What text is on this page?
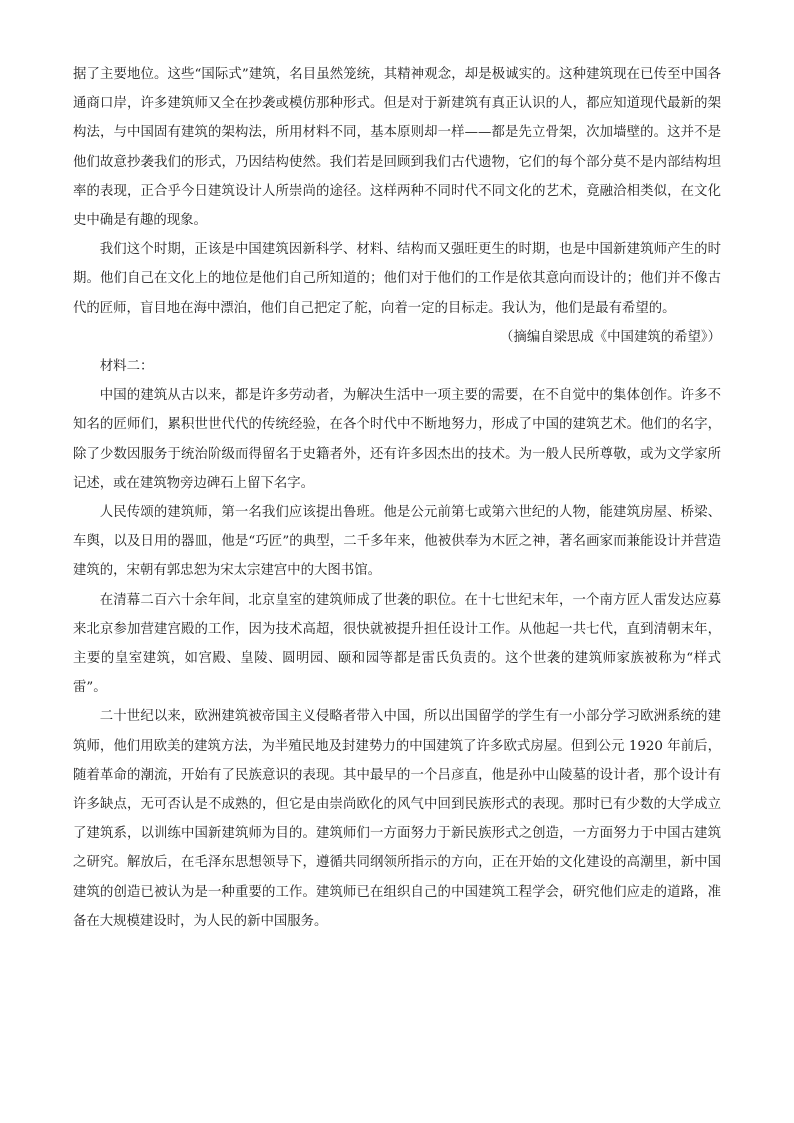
据了主要地位。这些“国际式”建筑，名目虽然笼统，其精神观念，却是极诚实的。这种建筑现在已传至中国各通商口岸，许多建筑师又全在抄袭或模仿那种形式。但是对于新建筑有真正认识的人，都应知道现代最新的架构法，与中国固有建筑的架构法，所用材料不同，基本原则却一样——都是先立骨架，次加墙壁的。这并不是他们故意抄袭我们的形式，乃因结构使然。我们若是回顾到我们古代遗物，它们的每个部分莫不是内部结构坦率的表现，正合乎今日建筑设计人所崇尚的途径。这样两种不同时代不同文化的艺术，竟融洽相类似，在文化史中确是有趣的现象。

我们这个时期，正该是中国建筑因新科学、材料、结构而又强旺更生的时期，也是中国新建筑师产生的时期。他们自己在文化上的地位是他们自己所知道的；他们对于他们的工作是依其意向而设计的；他们并不像古代的匠师，盲目地在海中漂泊，他们自己把定了舵，向着一定的目标走。我认为，他们是最有希望的。

（摘编自梁思成《中国建筑的希望》）

材料二：

中国的建筑从古以来，都是许多劳动者，为解决生活中一项主要的需要，在不自觉中的集体创作。许多不知名的匠师们，累积世世代代的传统经验，在各个时代中不断地努力，形成了中国的建筑艺术。他们的名字，除了少数因服务于统治阶级而得留名于史籍者外，还有许多因杰出的技术。为一般人民所尊敬，或为文学家所记述，或在建筑物旁边碑石上留下名字。

人民传颂的建筑师，第一名我们应该提出鲁班。他是公元前第七或第六世纪的人物，能建筑房屋、桥梁、车舆，以及日用的器皿，他是“巧匠”的典型，二千多年来，他被供奉为木匠之神，著名画家而兼能设计并营造建筑的，宋朝有郭忠恕为宋太宗建宫中的大图书馆。

在清幕二百六十余年间，北京皇室的建筑师成了世袭的职位。在十七世纪末年，一个南方匠人雷发达应募来北京参加营建宫殿的工作，因为技术高超，很快就被提升担任设计工作。从他起一共七代，直到清朝末年，主要的皇室建筑，如宫殿、皇陵、圆明园、颐和园等都是雷氏负责的。这个世袭的建筑师家族被称为“样式雷”。

二十世纪以来，欧洲建筑被帝国主义侵略者带入中国，所以出国留学的学生有一小部分学习欧洲系统的建筑师，他们用欧美的建筑方法，为半殖民地及封建势力的中国建筑了许多欧式房屋。但到公元 1920 年前后，随着革命的潮流，开始有了民族意识的表现。其中最早的一个吕彦直，他是孙中山陵墓的设计者，那个设计有许多缺点，无可否认是不成熟的，但它是由崇尚欧化的风气中回到民族形式的表现。那时已有少数的大学成立了建筑系，以训练中国新建筑师为目的。建筑师们一方面努力于新民族形式之创造，一方面努力于中国古建筑之研究。解放后，在毛泽东思想领导下，遵循共同纲领所指示的方向，正在开始的文化建设的高潮里，新中国建筑的创造已被认为是一种重要的工作。建筑师已在组织自己的中国建筑工程学会，研究他们应走的道路，准备在大规模建设时，为人民的新中国服务。
